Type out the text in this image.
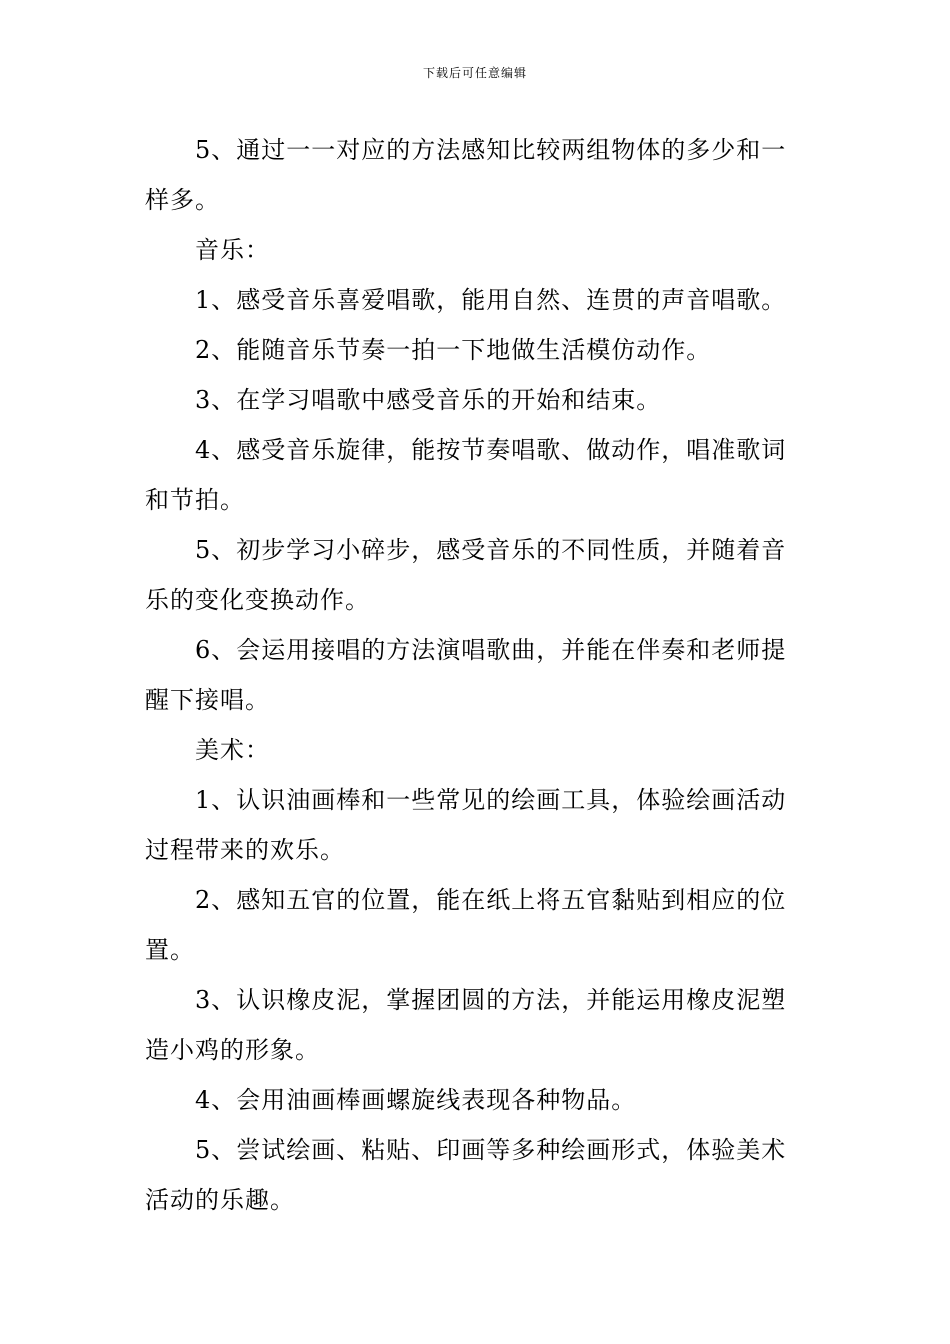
下载后可任意编辑

5、通过一一对应的方法感知比较两组物体的多少和一样多。

音乐：

1、感受音乐喜爱唱歌，能用自然、连贯的声音唱歌。

2、能随音乐节奏一拍一下地做生活模仿动作。

3、在学习唱歌中感受音乐的开始和结束。

4、感受音乐旋律，能按节奏唱歌、做动作，唱准歌词和节拍。

5、初步学习小碎步，感受音乐的不同性质，并随着音乐的变化变换动作。

6、会运用接唱的方法演唱歌曲，并能在伴奏和老师提醒下接唱。

美术：

1、认识油画棒和一些常见的绘画工具，体验绘画活动过程带来的欢乐。

2、感知五官的位置，能在纸上将五官黏贴到相应的位置。

3、认识橡皮泥，掌握团圆的方法，并能运用橡皮泥塑造小鸡的形象。

4、会用油画棒画螺旋线表现各种物品。

5、尝试绘画、粘贴、印画等多种绘画形式，体验美术活动的乐趣。
